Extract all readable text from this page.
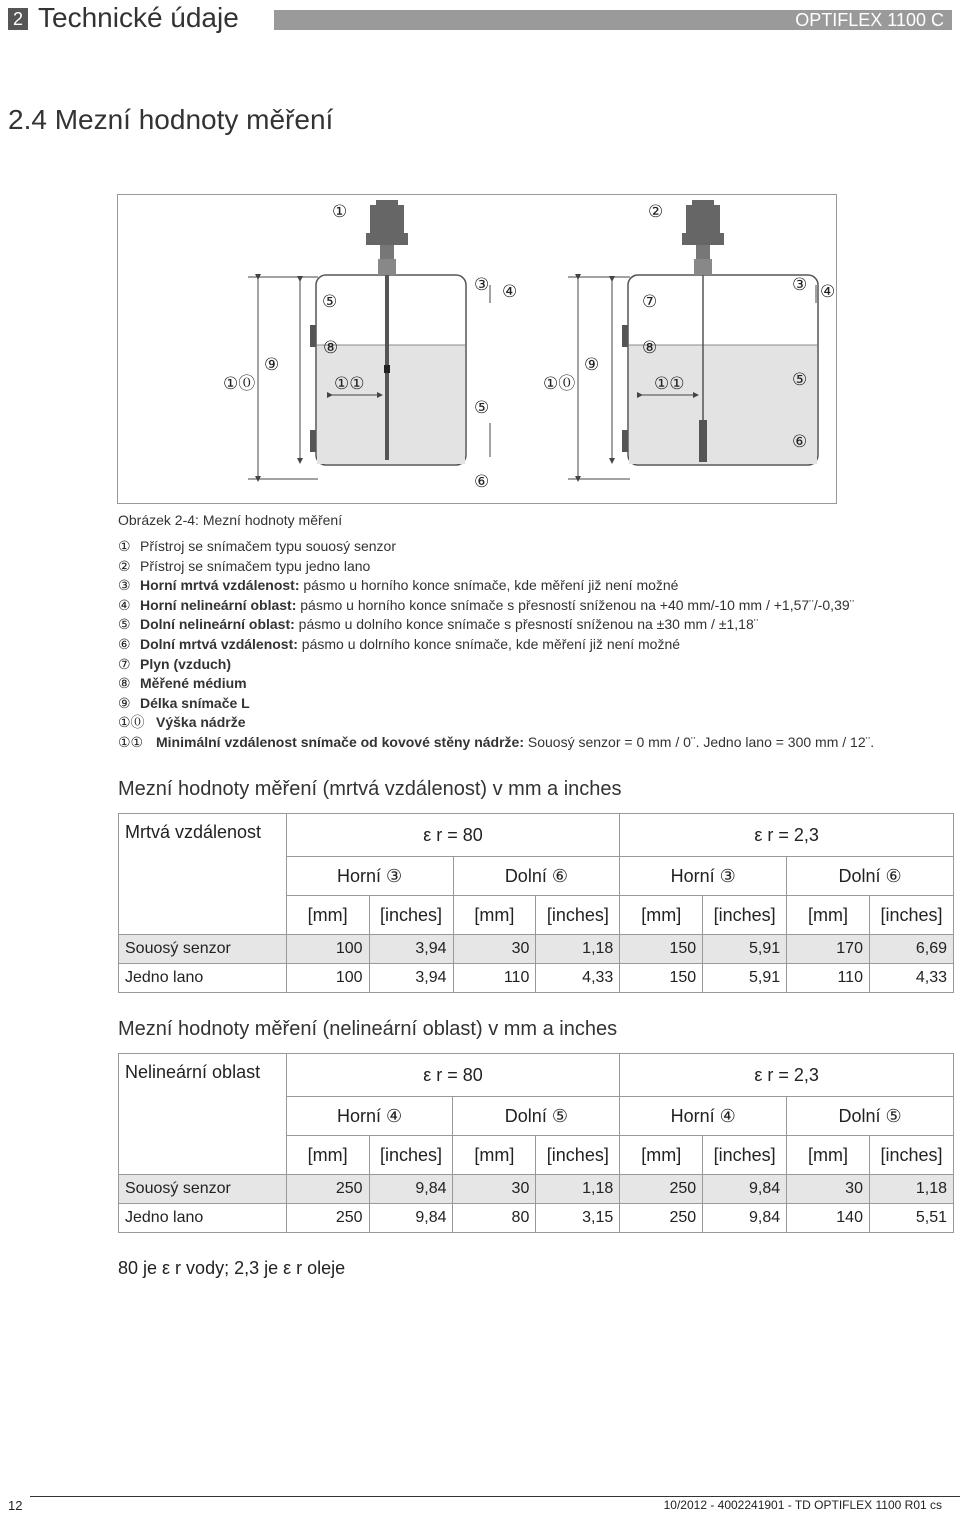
2 Technické údaje	OPTIFLEX 1100 C
2.4 Mezní hodnoty měření
①	②
③ ④
⑤
⑧
⑨
①⓪	①①
⑤
⑥
③ ④
⑦
⑧
⑨
①⓪	①①	⑤
⑥
Obrázek 2-4: Mezní hodnoty měření
① Přístroj se snímačem typu souosý senzor
② Přístroj se snímačem typu jedno lano
③ Horní mrtvá vzdálenost: pásmo u horního konce snímače, kde měření již není možné
④ Horní nelineární oblast: pásmo u horního konce snímače s přesností sníženou na +40 mm/-10 mm / +1,57¨/-0,39¨
⑤ Dolní nelineární oblast: pásmo u dolního konce snímače s přesností sníženou na ±30 mm / ±1,18¨
⑥ Dolní mrtvá vzdálenost: pásmo u dolrního konce snímače, kde měření již není možné
⑦ Plyn (vzduch)
⑧ Měřené médium
⑨ Délka snímače L
①⓪ Výška nádrže
①① Minimální vzdálenost snímače od kovové stěny nádrže: Souosý senzor = 0 mm / 0¨. Jedno lano = 300 mm / 12¨.
Mezní hodnoty měření (mrtvá vzdálenost) v mm a inches
Mrtvá vzdálenost	ε r = 80				ε r = 2,3			
	Horní ③		Dolní ⑥		Horní ③		Dolní ⑥	
	[mm]	[inches]	[mm]	[inches]	[mm]	[inches]	[mm]	[inches]
Souosý senzor	100	3,94	30	1,18	150	5,91	170	6,69
Jedno lano	100	3,94	110	4,33	150	5,91	110	4,33
Mezní hodnoty měření (nelineární oblast) v mm a inches
Nelineární oblast	ε r = 80				ε r = 2,3			
	Horní ④		Dolní ⑤		Horní ④		Dolní ⑤	
	[mm]	[inches]	[mm]	[inches]	[mm]	[inches]	[mm]	[inches]
Souosý senzor	250	9,84	30	1,18	250	9,84	30	1,18
Jedno lano	250	9,84	80	3,15	250	9,84	140	5,51
80 je ε r vody; 2,3 je ε r oleje
12	10/2012 - 4002241901 - TD OPTIFLEX 1100 R01 cs
